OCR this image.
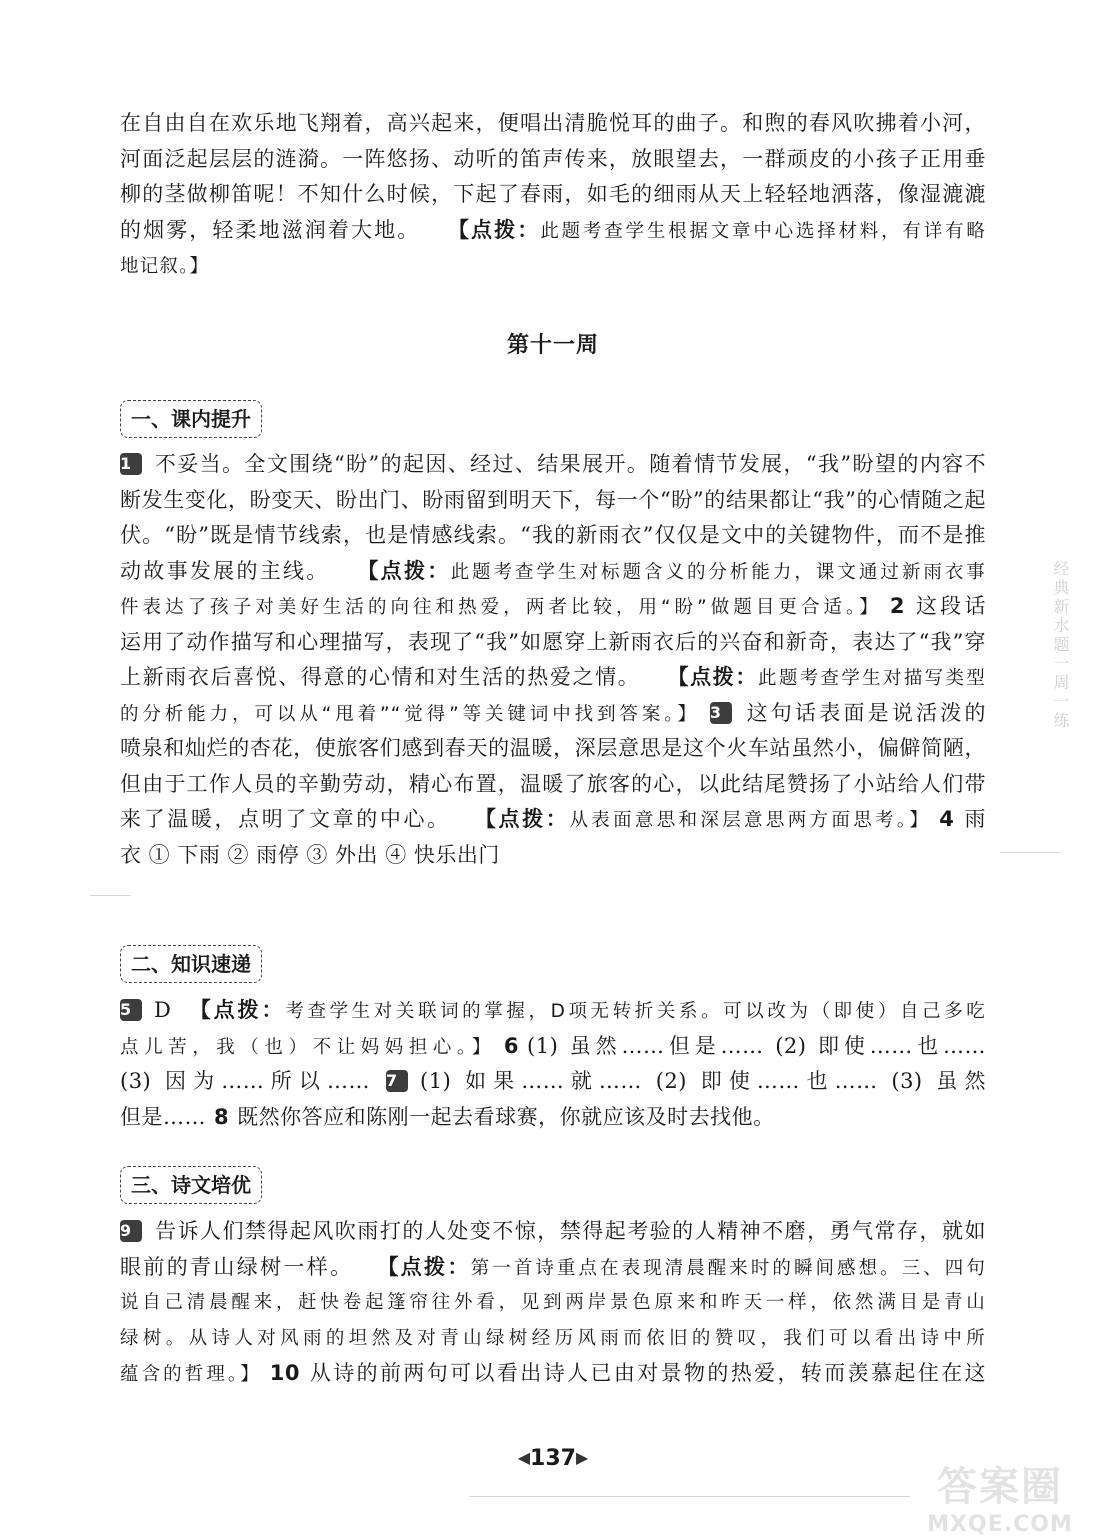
在自由自在欢乐地飞翔着，高兴起来，便唱出清脆悦耳的曲子。和煦的春风吹拂着小河，
河面泛起层层的涟漪。一阵悠扬、动听的笛声传来，放眼望去，一群顽皮的小孩子正用垂
柳的茎做柳笛呢！不知什么时候，下起了春雨，如毛的细雨从天上轻轻地洒落，像湿漉漉
的烟雾，轻柔地滋润着大地。 【点拨：此题考查学生根据文章中心选择材料，有详有略
地记叙。】
第十一周
一、课内提升
1 不妥当。全文围绕“盼”的起因、经过、结果展开。随着情节发展，“我”盼望的内容不
断发生变化，盼变天、盼出门、盼雨留到明天下，每一个“盼”的结果都让“我”的心情随之起
伏。“盼”既是情节线索，也是情感线索。“我的新雨衣”仅仅是文中的关键物件，而不是推
动故事发展的主线。 【点拨：此题考查学生对标题含义的分析能力，课文通过新雨衣事
件表达了孩子对美好生活的向往和热爱，两者比较，用“盼”做题目更合适。】 2 这段话
运用了动作描写和心理描写，表现了“我”如愿穿上新雨衣后的兴奋和新奇，表达了“我”穿
上新雨衣后喜悦、得意的心情和对生活的热爱之情。 【点拨：此题考查学生对描写类型
的分析能力，可以从“甩着”“觉得”等关键词中找到答案。】 3 这句话表面是说活泼的
喷泉和灿烂的杏花，使旅客们感到春天的温暖，深层意思是这个火车站虽然小，偏僻简陋，
但由于工作人员的辛勤劳动，精心布置，温暖了旅客的心，以此结尾赞扬了小站给人们带
来了温暖，点明了文章的中心。 【点拨：从表面意思和深层意思两方面思考。】 4 雨
衣 ① 下雨 ② 雨停 ③ 外出 ④ 快乐出门
二、知识速递
5 D 【点拨：考查学生对关联词的掌握，D项无转折关系。可以改为（即使）自己多吃
点儿苦，我（也）不让妈妈担心。】 6 (1) 虽然……但是…… (2) 即使……也……
(3) 因为……所以…… 7 (1) 如果……就…… (2) 即使……也…… (3) 虽然
但是…… 8 既然你答应和陈刚一起去看球赛，你就应该及时去找他。
三、诗文培优
9 告诉人们禁得起风吹雨打的人处变不惊，禁得起考验的人精神不磨，勇气常存，就如
眼前的青山绿树一样。 【点拨：第一首诗重点在表现清晨醒来时的瞬间感想。三、四句
说自己清晨醒来，赶快卷起篷帘往外看，见到两岸景色原来和昨天一样，依然满目是青山
绿树。从诗人对风雨的坦然及对青山绿树经历风雨而依旧的赞叹，我们可以看出诗中所
蕴含的哲理。】 10 从诗的前两句可以看出诗人已由对景物的热爱，转而羡慕起住在这
◀137▶
经典新水题一周一练
答案圈
MXQE.COM
